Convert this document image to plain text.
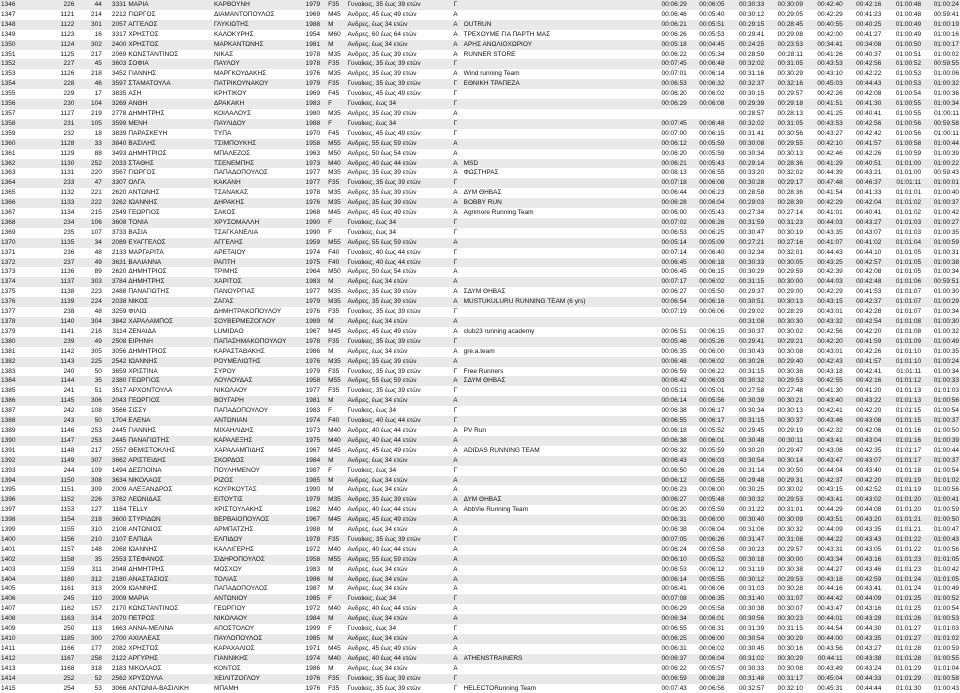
1346	226	44	3331	ΜΑΡΙΑ	ΚΑΡΒΟΥΝΗ	1979	F35	Γυναίκες, 35 έως 39 ετών	Γ		00:06:29	00:06:05	00:30:33	00:30:09	00:42:40	00:42:16	01:00:48	01:00:24
1347	1121	214	2212	ΓΙΩΡΓΟΣ	ΔΙΑΜΑΝΤΟΠΟΥΛΟΣ	1969	M45	Ανδρες, 45 έως 49 ετών	Α		00:06:46	00:05:40	00:30:12	00:29:05	00:42:29	00:41:23	01:00:48	00:59:41
1348	1122	301	2057	ΑΓΓΕΛΟΣ	ΓΛΥΚΙΩΤΗΣ	1988	M	Ανδρες, έως 34 ετών	Α	OUTRUN	00:06:21	00:05:51	00:29:15	00:28:45	00:40:55	00:40:25	01:00:49	01:00:19
1349	1123	16	3317	ΧΡΗΣΤΟΣ	ΚΑΛΟΚΥΡΗΣ	1954	M60	Ανδρες, 60 έως 64 ετών	Α	ΤΡΕΧΟΥΜΕ ΓΙΑ ΠΑΡΤΗ ΜΑΣ	00:06:26	00:05:53	00:29:41	00:29:08	00:42:00	00:41:27	01:00:49	01:00:16
1350	1124	302	2400	ΧΡΗΣΤΟΣ	ΜΑΡΚΑΝΤΩΝΗΣ	1981	M	Ανδρες, έως 34 ετών	Α	ΑΡΗΣ ΑΝΩΛΙΟΧΩΡΙΟΥ	00:05:18	00:04:45	00:24:25	00:23:53	00:34:41	00:34:08	01:00:50	01:00:17
1351	1125	217	2069	ΚΩΝΣΤΑΝΤΙΝΟΣ	ΝΙΚΑΣ	1978	M35	Ανδρες, 35 έως 39 ετών	Α	RUNNER STORE	00:06:22	00:05:34	00:28:59	00:28:11	00:41:26	00:40:37	01:00:51	01:00:02
1352	227	45	3603	ΣΟΦΙΑ	ΠΑΥΛΟΥ	1978	F35	Γυναίκες, 35 έως 39 ετών	Γ		00:07:45	00:06:48	00:32:02	00:31:05	00:43:53	00:42:56	01:00:52	00:59:55
1353	1126	218	3452	ΓΙΑΝΝΗΣ	ΜΑΡΓΚΟΥΔΑΚΗΣ	1976	M35	Ανδρες, 35 έως 39 ετών	Α	Wind running Team	00:07:01	00:06:14	00:31:16	00:30:29	00:43:10	00:42:22	01:00:53	01:00:06
1354	228	46	3597	ΣΤΑΜΑΤΟΥΛΑ	ΠΑΤΡΙΚΟΥΝΑΚΟΥ	1979	F35	Γυναίκες, 35 έως 39 ετών	Γ	ΕΘΝΙΚΗ ΤΡΑΠΕΖΑ	00:06:53	00:06:32	00:32:37	00:32:16	00:45:03	00:44:43	01:00:53	01:00:32
1355	229	17	3835	ΑΣΗ	ΚΡΗΤΙΚΟΥ	1969	F45	Γυναίκες, 45 έως 49 ετών	Γ		00:06:20	00:06:02	00:30:15	00:29:57	00:42:26	00:42:08	01:00:54	01:00:36
1356	230	104	3269	ΑΝΘΗ	ΔΡΑΚΑΚΗ	1983	F	Γυναίκες, έως 34	Γ		00:06:29	00:06:08	00:29:39	00:29:18	00:41:51	00:41:30	01:00:55	01:00:34
1357	1127	219	2778	ΔΗΜΗΤΡΗΣ	ΚΟΙΛΑΛΟΥΣ	1980	M35	Ανδρες, 35 έως 39 ετών	Α				00:28:57	00:28:13	00:41:25	00:40:41	01:00:55	01:00:11
1358	231	105	3599	ΜΕΝΗ	ΠΑΥΛΙΔΟΥ	1988	F	Γυναίκες, έως 34	Γ		00:07:45	00:06:48	00:32:02	00:31:05	00:43:53	00:42:56	01:00:56	00:59:58
1359	232	18	3839	ΠΑΡΑΣΚΕΥΗ	ΤΥΠΑ	1970	F45	Γυναίκες, 45 έως 49 ετών	Γ		00:07:00	00:06:15	00:31:41	00:30:56	00:43:27	00:42:42	01:00:56	01:00:11
1360	1128	33	3840	ΒΑΣΙΛΗΣ	ΤΣΙΜΠΟΥΚΗΣ	1958	M55	Ανδρες, 55 έως 59 ετών	Α		00:06:12	00:05:59	00:30:08	00:29:55	00:42:10	00:41:57	01:00:58	01:00:44
1361	1129	88	3493	ΔΗΜΗΤΡΙΟΣ	ΜΠΑΛΕΖΟΣ	1963	M50	Ανδρες, 50 έως 54 ετών	Α		00:06:20	00:05:59	00:30:34	00:30:13	00:42:46	00:42:26	01:00:59	01:00:39
1362	1130	252	2033	ΣΤΑΘΗΣ	ΤΣΕΝΕΜΠΗΣ	1973	M40	Ανδρες, 40 έως 44 ετών	Α	MSD	00:06:21	00:05:43	00:29:14	00:28:36	00:41:29	00:40:51	01:01:00	01:00:22
1363	1131	220	3567	ΓΙΩΡΓΟΣ	ΠΑΠΑΔΟΠΟΥΛΟΣ	1977	M35	Ανδρες, 35 έως 39 ετών	Α	ΦΩΣΤΗΡΑΣ	00:08:13	00:06:55	00:33:20	00:32:02	00:44:39	00:43:21	01:01:00	00:59:43
1364	233	47	3307	ΟΛΓΑ	ΚΑΚΑΝΗ	1977	F35	Γυναίκες, 35 έως 39 ετών	Γ		00:07:18	00:06:08	00:30:28	00:29:17	00:47:48	00:46:37	01:01:11	01:00:01
1365	1132	221	2620	ΑΝΤΩΝΗΣ	ΤΣΑΝΑΚΑΣ	1978	M35	Ανδρες, 35 έως 39 ετών	Α	ΔΥΜ ΘΗΒΑΣ	00:06:44	00:06:23	00:28:58	00:28:36	00:41:54	00:41:33	01:01:01	01:00:40
1366	1133	222	3262	ΙΩΑΝΝΗΣ	ΔΗΡΑΚΗΣ	1976	M35	Ανδρες, 35 έως 39 ετών	Α	BOBBY RUN	00:06:28	00:06:04	00:29:03	00:28:39	00:42:29	00:42:04	01:01:02	01:00:37
1367	1134	215	2549	ΓΕΩΡΓΙΟΣ	ΣΑΚΟΣ	1968	M45	Ανδρες, 45 έως 49 ετών	Α	Agrimore Running Team	00:06:00	00:05:43	00:27:34	00:27:14	00:41:01	00:40:41	01:01:02	01:00:42
1368	234	106	3608	ΤΟΝΙΑ	ΧΡΥΣΟΜΑΛΛΗ	1990	F	Γυναίκες, έως 34	Γ		00:07:02	00:06:26	00:31:59	00:31:23	00:44:03	00:43:27	01:01:03	01:00:27
1369	235	107	3733	ΒΑΣΙΑ	ΤΣΑΓΚΑΝΕΛΙΑ	1990	F	Γυναίκες, έως 34	Γ		00:06:53	00:06:25	00:30:47	00:30:19	00:43:35	00:43:07	01:01:03	01:00:35
1370	1135	34	2089	ΕΥΑΓΓΕΛΟΣ	ΑΓΓΕΛΗΣ	1959	M55	Ανδρες, 55 έως 59 ετών	Α		00:05:14	00:05:09	00:27:21	00:27:16	00:41:07	00:41:02	01:01:04	01:00:59
1371	236	48	2133	ΜΑΡΓΑΡΙΤΑ	ΑΡΕΤΑΙΟΥ	1974	F40	Γυναίκες, 40 έως 44 ετών	Γ		00:07:14	00:06:40	00:32:34	00:32:01	00:44:43	00:44:10	01:01:05	01:00:31
1372	237	49	3631	ΒΑΛΙΑΝΝΑ	ΡΑΠΤΗ	1975	F40	Γυναίκες, 40 έως 44 ετών	Γ		00:06:45	00:06:18	00:30:33	00:30:05	00:43:25	00:42:57	01:01:05	01:00:38
1373	1136	89	2620	ΔΗΜΗΤΡΙΟΣ	ΤΡΙΜΗΣ	1964	M50	Ανδρες, 50 έως 54 ετών	Α		00:06:45	00:06:15	00:30:29	00:29:59	00:42:39	00:42:08	01:01:05	01:00:34
1374	1137	303	3784	ΔΗΜΗΤΡΗΣ	ΧΑΡΙΤΟΣ	1983	M	Ανδρες, έως 34 ετών	Α		00:07:17	00:06:02	00:31:15	00:30:00	00:44:03	00:42:48	01:01:06	00:59:51
1375	1138	223	2488	ΠΑΝΑΓΙΩΤΗΣ	ΠΑΝΟΥΡΓΙΑΣ	1977	M35	Ανδρες, 35 έως 39 ετών	Α	ΣΔΥΜ ΘΗΒΑΣ	00:06:27	00:05:50	00:29:37	00:29:00	00:42:29	00:41:53	01:01:07	01:00:30
1376	1139	224	2038	ΝΙΚΟΣ	ΖΑΓΑΣ	1979	M35	Ανδρες, 35 έως 39 ετών	Α	MUSTUKULURU RUNNING TEAM (6 yrs)	00:06:54	00:06:16	00:30:51	00:30:13	00:43:15	00:42:37	01:01:07	01:00:29
1377	238	48	3259	ΦΙΛΙΩ	ΔΗΜΗΤΡΑΚΟΠΟΥΛΟΥ	1976	F35	Γυναίκες, 35 έως 39 ετών	Γ		00:07:19	00:06:06	00:29:02	00:28:29	00:43:01	00:42:28	01:01:07	01:00:34
1378	1140	304	3842	ΧΑΡΑΛΑΜΠΟΣ	ΣΟΥΒΕΡΜΕΖΟΓΛΟΥ	1989	M	Ανδρες, έως 34 ετών	Α				00:31:08	00:30:30	00:43:32	00:42:54	01:01:08	01:00:30
1379	1141	216	3114	ΖΕΝΑΙΔΑ	LUMIDAO	1967	M45	Ανδρες, 45 έως 49 ετών	Α	club23 running academy	00:06:51	00:06:15	00:30:37	00:30:02	00:42:56	00:42:20	01:01:08	01:00:32
1380	239	49	2508	ΕΙΡΗΝΗ	ΠΑΠΑΣΗΜΑΚΟΠΟΥΛΟΥ	1978	F35	Γυναίκες, 35 έως 39 ετών	Γ		00:05:46	00:05:26	00:29:41	00:29:21	00:42:20	00:41:59	01:01:09	01:00:49
1381	1142	305	3056	ΔΗΜΗΤΡΙΟΣ	ΚΑΡΑΣΤΑΘΑΚΗΣ	1986	M	Ανδρες, έως 34 ετών	Α	gre.a.team	00:06:35	00:06:00	00:30:43	00:30:08	00:43:01	00:42:26	01:01:10	01:00:35
1382	1143	225	2542	ΙΩΑΝΝΗΣ	ΡΟΥΜΕΛΙΩΤΗΣ	1976	M35	Ανδρες, 35 έως 39 ετών	Α		00:06:48	00:06:02	00:30:26	00:29:40	00:42:43	00:41:57	01:01:10	01:00:24
1383	240	50	3659	ΧΡΙΣΤΙΝΑ	ΣΥΡΟΥ	1979	F35	Γυναίκες, 35 έως 39 ετών	Γ	Free Runners	00:06:59	00:06:22	00:31:15	00:30:38	00:43:18	00:42:41	01:01:11	01:00:34
1384	1144	35	2380	ΓΕΩΡΓΙΟΣ	ΛΟΥΛΟΥΔΑΣ	1958	M55	Ανδρες, 55 έως 59 ετών	Α	ΣΔΥΜ ΘΗΒΑΣ	00:06:42	00:06:03	00:30:32	00:29:53	00:42:55	00:42:16	01:01:12	01:00:33
1385	241	51	3517	ΑΡΧΟΝΤΟΥΛΑ	ΝΙΚΟΛΑΟΥ	1977	F35	Γυναίκες, 35 έως 39 ετών	Γ		00:05:11	00:05:01	00:27:58	00:27:48	00:41:30	00:41:20	01:01:13	01:01:03
1386	1145	306	2043	ΓΕΩΡΓΙΟΣ	ΒΟΥΓΑΡΗ	1981	M	Ανδρες, έως 34 ετών	Α		00:06:14	00:05:56	00:30:39	00:30:21	00:43:40	00:43:22	01:01:13	01:00:56
1387	242	108	3566	ΣΙΣΣΥ	ΠΑΠΑΔΟΠΟΥΛΟΥ	1983	F	Γυναίκες, έως 34	Γ		00:06:38	00:06:17	00:30:34	00:30:13	00:42:41	00:42:20	01:01:15	01:00:54
1388	243	50	1704	ΕΛΕΝΑ	ΑΝΤΩΝΙΑΝ	1974	F40	Γυναίκες, 40 έως 44 ετών	Γ		00:06:55	00:06:17	00:31:15	00:30:37	00:43:46	00:43:08	01:01:15	01:00:37
1389	1146	253	2445	ΓΙΑΝΝΗΣ	ΜΙΧΑΗΛΙΔΗΣ	1973	M40	Ανδρες, 40 έως 44 ετών	Α	PV Run	00:06:18	00:05:52	00:29:45	00:29:19	00:42:32	00:42:06	01:01:16	01:00:50
1390	1147	253	2445	ΠΑΝΑΓΙΩΤΗΣ	ΚΑΡΑΛΕΞΗΣ	1975	M40	Ανδρες, 40 έως 44 ετών	Α		00:06:38	00:06:01	00:30:48	00:30:11	00:43:41	00:43:04	01:01:16	01:00:39
1391	1148	217	2557	ΘΕΜΙΣΤΟΚΛΗΣ	ΧΑΡΑΛΑΜΠΙΔΗΣ	1967	M45	Ανδρες, 45 έως 49 ετών	Α	ADIDAS RUNNING TEAM	00:06:32	00:05:59	00:30:20	00:29:47	00:43:08	00:42:35	01:01:17	01:00:44
1392	1149	307	3662	ΑΡΙΣΤΕΙΔΗΣ	ΣΚΟΡΔΟΣ	1984	M	Ανδρες, έως 34 ετών	Α		00:06:43	00:06:03	00:30:54	00:30:14	00:43:47	00:43:07	01:01:17	01:00:37
1393	244	109	1494	ΔΕΣΠΟΙΝΑ	ΠΟΥΛΗΜΕΝΟΥ	1987	F	Γυναίκες, έως 34	Γ		00:06:50	00:06:26	00:31:14	00:30:50	00:44:04	00:43:40	01:01:18	01:00:54
1394	1150	308	3634	ΝΙΚΟΛΑΟΣ	ΡΙΖΟΣ	1985	M	Ανδρες, έως 34 ετών	Α		00:06:12	00:05:55	00:29:48	00:29:31	00:42:37	00:42:20	01:01:19	01:01:02
1395	1151	309	2009	ΑΛΕΞΑΝΔΡΟΣ	ΚΟΥΡΚΟΥΤΑΣ	1990	M	Ανδρες, έως 34 ετών	Α		00:06:23	00:06:00	00:30:25	00:30:02	00:43:15	00:42:52	01:01:19	01:00:56
1396	1152	226	3762	ΛΕΩΝΙΔΑΣ	ΕΙΤΟΥΤΙΣ	1979	M35	Ανδρες, 35 έως 39 ετών	Α	ΔΥΜ ΘΗΒΑΣ	00:06:27	00:05:48	00:30:32	00:29:53	00:43:41	00:43:02	01:01:20	01:00:41
1397	1153	127	1184	TELLY	ΧΡΙΣΤΟΥΛΑΚΗΣ	1982	M40	Ανδρες, 40 έως 44 ετών	Α	AbbVie Running Team	00:06:20	00:05:59	00:31:22	00:31:01	00:44:29	00:44:08	01:01:20	01:00:59
1398	1154	218	3600	ΣΤΥΡΙΔΩΝ	ΒΕΡΒΑΙΟΠΟΥΛΟΣ	1967	M45	Ανδρες, 45 έως 49 ετών	Α		00:06:31	00:06:00	00:30:40	00:30:09	00:43:51	00:43:20	01:01:21	01:00:50
1399	1155	310	2108	ΑΝΤΩΝΙΟΣ	ΑΡΜΠΑΤΖΗΣ	1988	M	Ανδρες, έως 34 ετών	Α		00:06:38	00:06:04	00:31:06	00:30:32	00:44:09	00:43:35	01:01:21	01:00:47
1400	1156	210	2107	ΕΛΠΙΔΑ	ΕΛΠΙΔΟΥ	1978	F35	Γυναίκες, 35 έως 39 ετών	Γ		00:07:05	00:06:26	00:31:47	00:31:08	00:44:22	00:43:43	01:01:22	01:00:43
1401	1157	148	2068	ΙΩΑΝΝΗΣ	ΚΑΛΛΙΓΕΡΗΣ	1972	M40	Ανδρες, 40 έως 44 ετών	Α		00:06:24	00:05:58	00:30:23	00:29:57	00:43:31	00:43:05	01:01:22	01:00:56
1402	1158	35	2553	ΣΤΕΦΑΝΟΣ	ΣΙΔΗΡΟΠΟΥΛΟΣ	1958	M55	Ανδρες, 55 έως 59 ετών	Α		00:06:10	00:05:52	00:30:18	00:30:00	00:43:34	00:43:16	01:01:23	01:01:05
1403	1159	311	2048	ΔΗΜΗΤΡΗΣ	ΜΟΣΧΟΥ	1983	M	Ανδρες, έως 34 ετών	Α		00:06:53	00:06:12	00:31:19	00:30:38	00:44:27	00:43:46	01:01:23	01:00:42
1404	1160	312	2180	ΑΝΑΣΤΑΣΙΟΣ	ΤΟΛΙΑΣ	1986	M	Ανδρες, έως 34 ετών	Α		00:06:14	00:05:55	00:30:12	00:29:53	00:43:18	00:42:59	01:01:24	01:01:05
1405	1161	313	2009	ΙΩΑΝΝΗΣ	ΠΑΠΑΔΟΠΟΥΛΟΣ	1987	M	Ανδρες, έως 34 ετών	Α		00:06:41	00:06:06	00:31:03	00:30:28	00:44:16	00:43:41	01:01:24	01:00:49
1406	245	110	2009	ΜΑΡΙΑ	ΑΝΤΩΝΙΟΥ	1985	F	Γυναίκες, έως 34	Γ		00:07:08	00:06:35	00:31:40	00:31:07	00:44:42	00:44:09	01:01:25	01:00:52
1407	1162	157	2170	ΚΩΝΣΤΑΝΤΙΝΟΣ	ΓΕΩΡΓΙΟΥ	1972	M40	Ανδρες, 40 έως 44 ετών	Α		00:06:29	00:05:58	00:30:38	00:30:07	00:43:47	00:43:16	01:01:25	01:00:54
1408	1163	314	2070	ΠΕΤΡΟΣ	ΝΙΚΟΛΑΟΥ	1984	M	Ανδρες, έως 34 ετών	Α		00:06:34	00:06:01	00:30:56	00:30:23	00:44:01	00:43:28	01:01:26	01:00:53
1409	250	113	1663	ΑΝΝΑ-ΜΕΛΙΝΑ	ΑΠΟΣΤΟΛΟΥ	1999	F	Γυναίκες, έως 34	Γ		00:06:55	00:06:31	00:31:39	00:31:15	00:44:54	00:44:30	01:01:27	01:01:03
1410	1185	300	2700	ΑΧΙΛΛΕΑΣ	ΠΑΥΛΟΠΟΥΛΟΣ	1985	M	Ανδρες, έως 34 ετών	Α		00:06:25	00:06:00	00:30:54	00:30:29	00:44:00	00:43:35	01:01:27	01:01:02
1411	1166	177	2082	ΧΡΗΣΤΟΣ	ΚΑΡΑΧΑΛΙΟΣ	1971	M45	Ανδρες, 45 έως 49 ετών	Α		00:06:31	00:06:02	00:30:45	00:30:16	00:43:56	00:43:27	01:01:28	01:00:59
1412	1167	258	2122	ΑΡΓΥΡΗΣ	ΓΙΑΝΝΙΚΗΣ	1974	M40	Ανδρες, 40 έως 44 ετών	Α	ATHENSTRAINERS	00:06:37	00:06:04	00:31:02	00:30:29	00:44:11	00:43:38	01:01:28	01:00:55
1413	1168	318	2183	ΝΙΚΟΛΑΟΣ	ΚΟΝΤΟΣ	1986	M	Ανδρες, έως 34 ετών	Α		00:06:22	00:05:57	00:30:33	00:30:08	00:43:49	00:43:24	01:01:29	01:01:04
1414	252	52	2562	ΧΡΥΣΟΥΛΑ	ΧΕΙΛΙΤΖΟΓΛΟΥ	1976	F35	Γυναίκες, 35 έως 39 ετών	Γ		00:06:59	00:06:28	00:31:48	00:31:17	00:45:04	00:44:33	01:01:29	01:00:58
1415	254	53	3066	ΑΝΤΩΝΙΑ-ΒΑΣΙΛΙΚΗ	ΜΠΑΜΗ	1976	F35	Γυναίκες, 35 έως 39 ετών	Γ	HELECTORunning Team	00:07:43	00:06:56	00:32:57	00:32:10	00:45:31	00:44:44	01:01:30	01:00:43
